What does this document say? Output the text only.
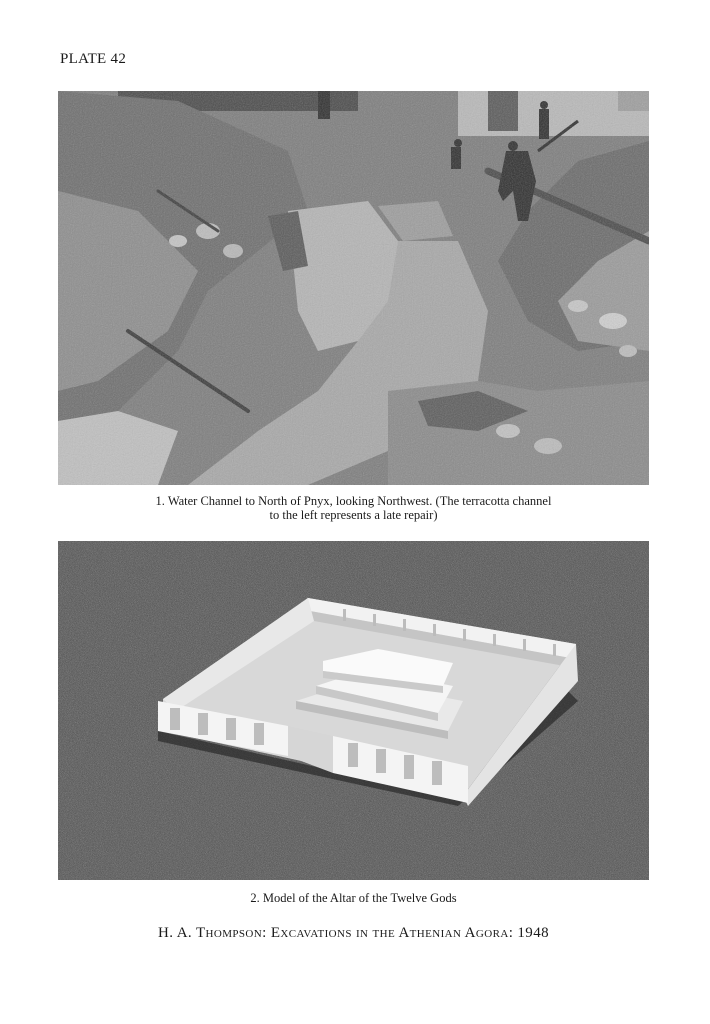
PLATE 42
1. Water Channel to North of Pnyx, looking Northwest. (The terracotta channel
to the left represents a late repair)
2. Model of the Altar of the Twelve Gods
H. A. Thompson: Excavations in the Athenian Agora: 1948
